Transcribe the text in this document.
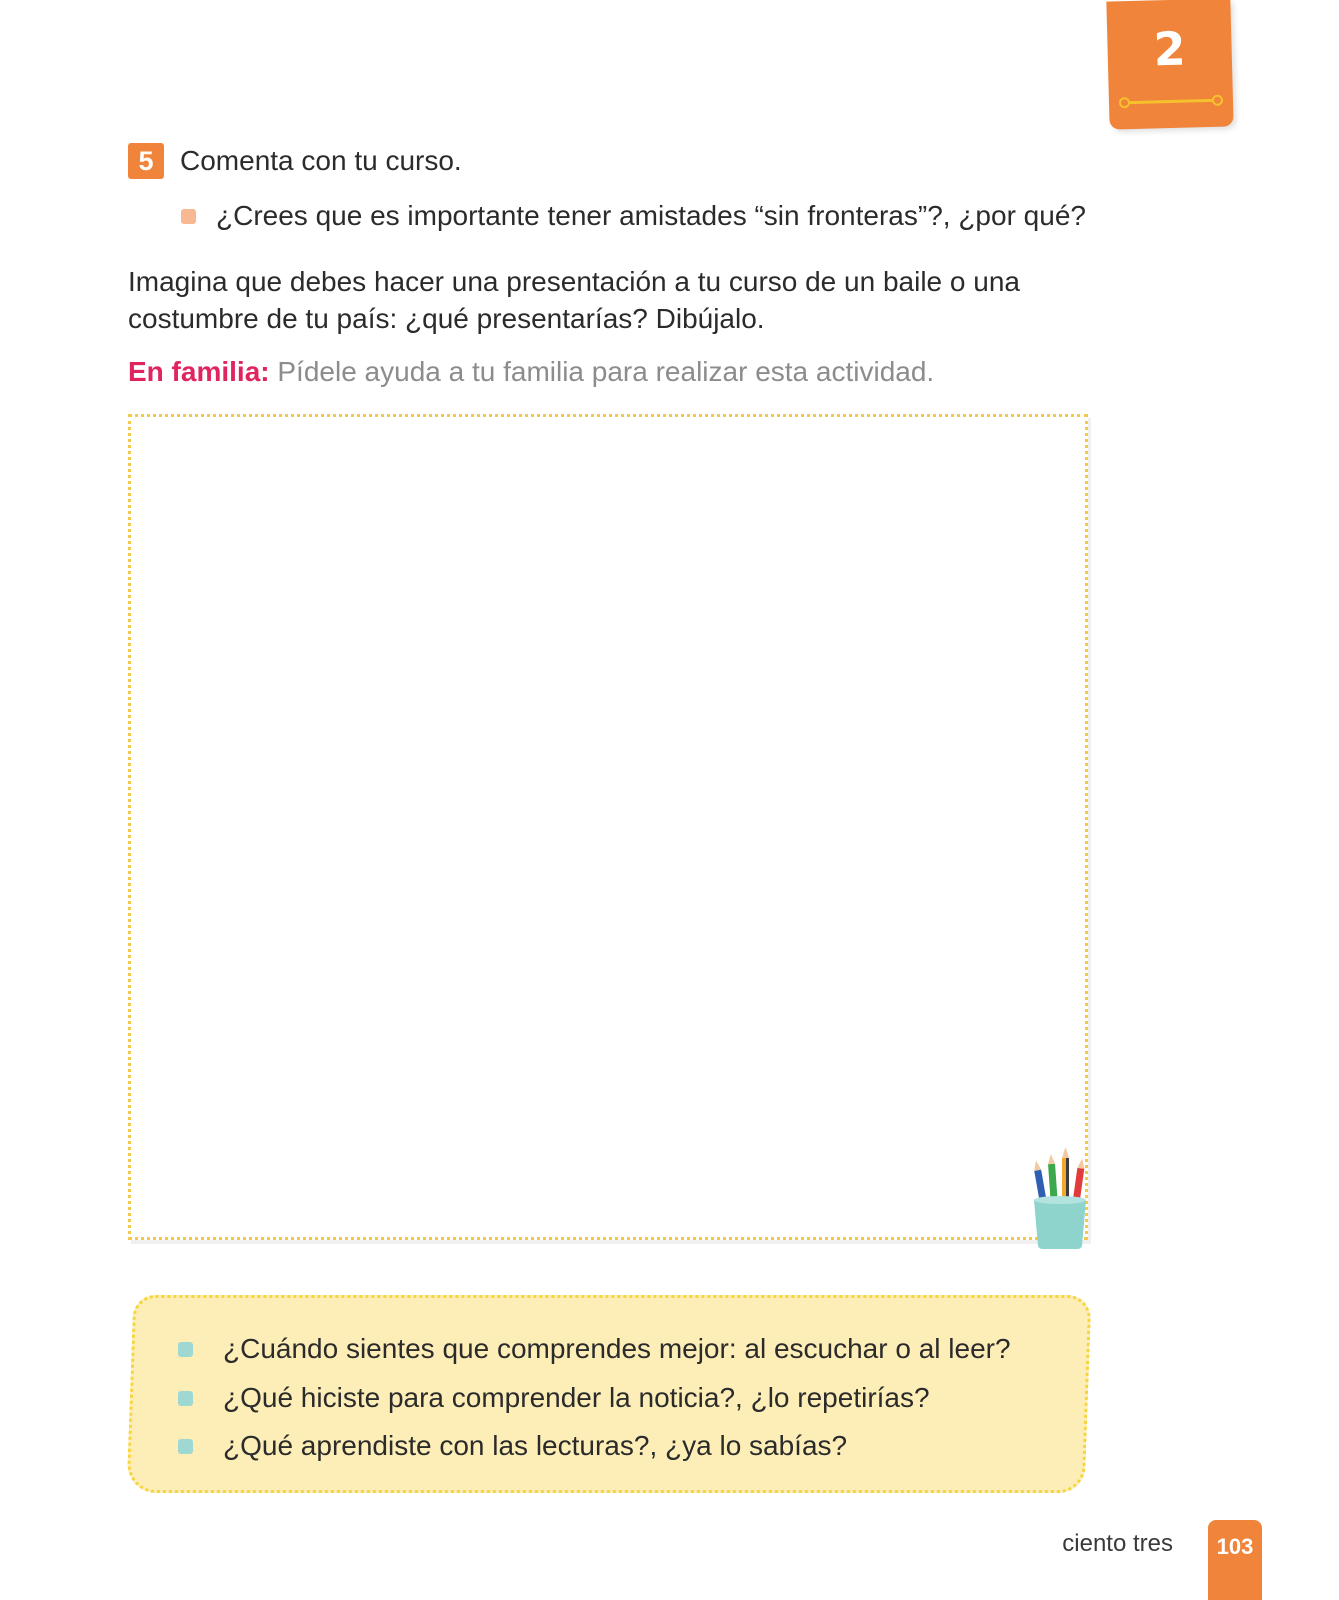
2
5 Comenta con tu curso.
¿Crees que es importante tener amistades “sin fronteras”?, ¿por qué?
Imagina que debes hacer una presentación a tu curso de un baile o una
costumbre de tu país: ¿qué presentarías? Dibújalo.
En familia: Pídele ayuda a tu familia para realizar esta actividad.
¿Cuándo sientes que comprendes mejor: al escuchar o al leer?
¿Qué hiciste para comprender la noticia?, ¿lo repetirías?
¿Qué aprendiste con las lecturas?, ¿ya lo sabías?
ciento tres	103
